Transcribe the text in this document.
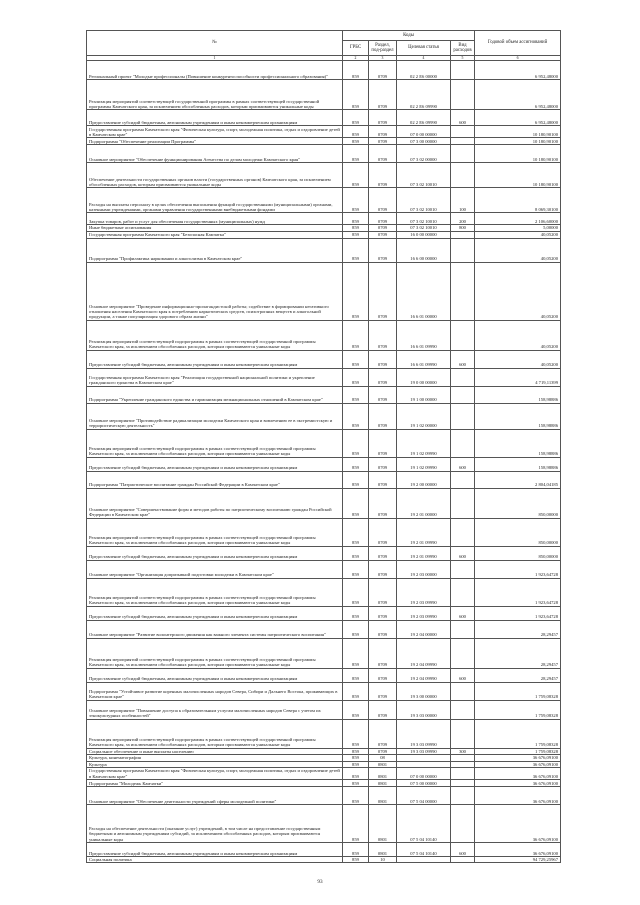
№	Коды				Годовой объем ассигнований
	ГРБС	Раздел, под-раздел	Целевая статья	Вид расходов	
1	2	3	4	5	6
Региональный проект "Молодые профессионалы (Повышение конкурентоспособности профессионального образования)"	859	0709	02 2 E6 00000		6 952,48000
Реализация мероприятий соответствующей государственной программы в рамках соответствующей государственной программы Камчатского края, за исключением обособленных расходов, которым присваиваются уникальные коды	859	0709	02 2 E6 09990		6 952,48000
Предоставление субсидий бюджетным, автономным учреждениям и иным некоммерческим организациям	859	0709	02 2 E6 09990	600	6 952,48000
Государственная программа Камчатского края "Физическая культура, спорт, молодежная политика, отдых и оздоровление детей в Камчатском крае"	859	0709	07 0 00 00000		10 180,90100
Подпрограмма "Обеспечение реализации Программы"	859	0709	07 3 00 00000		10 180,90100
Основное мероприятие "Обеспечение функционирования Агентства по делам молодежи Камчатского края"	859	0709	07 3 02 00000		10 180,90100
Обеспечение деятельности государственных органов власти (государственных органов) Камчатского края, за исключением обособленных расходов, которым присваиваются уникальные коды	859	0709	07 3 02 10010		10 180,90100
Расходы на выплаты персоналу в целях обеспечения выполнения функций государственными (муниципальными) органами, казенными учреждениями, органами управления государственными внебюджетными фондами	859	0709	07 3 02 10010	100	8 069,30100
Закупка товаров, работ и услуг для обеспечения государственных (муниципальных) нужд	859	0709	07 3 02 10010	200	2 106,60000
Иные бюджетные ассигнования	859	0709	07 3 02 10010	800	5,00000
Государственная программа Камчатского края "Безопасная Камчатка"	859	0709	16 0 00 00000		40,05200
Подпрограмма "Профилактика наркомании и алкоголизма в Камчатском крае"	859	0709	16 6 00 00000		40,05200
Основное мероприятие "Проведение информационно-пропагандистской работы; содействие в формировании негативного отношения населения Камчатского края к потреблению наркотических средств, психотропных веществ и алкогольной продукции, а также популяризация здорового образа жизни"	859	0709	16 6 01 00000		40,05200
Реализация мероприятий соответствующей подпрограммы в рамках соответствующей государственной программы Камчатского края, за исключением обособленных расходов, которым присваиваются уникальные коды	859	0709	16 6 01 09990		40,05200
Предоставление субсидий бюджетным, автономным учреждениям и иным некоммерческим организациям	859	0709	16 6 01 09990	600	40,05200
Государственная программа Камчатского края "Реализация государственной национальной политики и укрепление гражданского единства в Камчатском крае"	859	0709	19 0 00 00000		4 719,11399
Подпрограмма "Укрепление гражданского единства и гармонизация межнациональных отношений в Камчатском крае"	859	0709	19 1 00 00000		158,98886
Основное мероприятие "Противодействие радикализации молодежи Камчатского края и вовлечению ее в экстремистскую и террористическую деятельность"	859	0709	19 1 02 00000		158,98886
Реализация мероприятий соответствующей подпрограммы в рамках соответствующей государственной программы Камчатского края, за исключением обособленных расходов, которым присваиваются уникальные коды	859	0709	19 1 02 09990		158,98886
Предоставление субсидий бюджетным, автономным учреждениям и иным некоммерческим организациям	859	0709	19 1 02 09990	600	158,98886
Подпрограмма "Патриотическое воспитание граждан Российской Федерации в Камчатском крае"	859	0709	19 2 00 00000		2 804,04185
Основное мероприятие "Совершенствование форм и методов работы по патриотическому воспитанию граждан Российской Федерации в Камчатском крае"	859	0709	19 2 01 00000		850,00000
Реализация мероприятий соответствующей подпрограммы в рамках соответствующей государственной программы Камчатского края, за исключением обособленных расходов, которым присваиваются уникальные коды	859	0709	19 2 01 09990		850,00000
Предоставление субсидий бюджетным, автономным учреждениям и иным некоммерческим организациям	859	0709	19 2 01 09990	600	850,00000
Основное мероприятие "Организация допризывной подготовки молодежи в Камчатском крае"	859	0709	19 2 03 00000		1 923,64728
Реализация мероприятий соответствующей подпрограммы в рамках соответствующей государственной программы Камчатского края, за исключением обособленных расходов, которым присваиваются уникальные коды	859	0709	19 2 03 09990		1 923,64728
Предоставление субсидий бюджетным, автономным учреждениям и иным некоммерческим организациям	859	0709	19 2 03 09990	600	1 923,64728
Основное мероприятие "Развитие волонтерского движения как важного элемента системы патриотического воспитания"	859	0709	19 2 04 00000		28,29457
Реализация мероприятий соответствующей подпрограммы в рамках соответствующей государственной программы Камчатского края, за исключением обособленных расходов, которым присваиваются уникальные коды	859	0709	19 2 04 09990		28,29457
Предоставление субсидий бюджетным, автономным учреждениям и иным некоммерческим организациям	859	0709	19 2 04 09990	600	28,29457
Подпрограмма "Устойчивое развитие коренных малочисленных народов Севера, Сибири и Дальнего Востока, проживающих в Камчатском крае"	859	0709	19 3 00 00000		1 759,08328
Основное мероприятие "Повышение доступа к образовательным услугам малочисленных народов Севера с учетом их этнокультурных особенностей"	859	0709	19 3 03 00000		1 759,08328
Реализация мероприятий соответствующей подпрограммы в рамках соответствующей государственной программы Камчатского края, за исключением обособленных расходов, которым присваиваются уникальные коды	859	0709	19 3 03 09990		1 759,08328
Социальное обеспечение и иные выплаты населению	859	0709	19 3 03 09990	300	1 759,08328
Культура, кинематография	859	08			36 676,09100
Культура	859	0801			36 676,09100
Государственная программа Камчатского края "Физическая культура, спорт, молодежная политика, отдых и оздоровление детей в Камчатском крае"	859	0801	07 0 00 00000		36 676,09100
Подпрограмма "Молодежь Камчатки"	859	0801	07 5 00 00000		36 676,09100
Основное мероприятие "Обеспечение деятельности учреждений сферы молодежной политики"	859	0801	07 5 04 00000		36 676,09100
Расходы на обеспечение деятельности (оказание услуг) учреждений, в том числе на предоставление государственным бюджетным и автономным учреждениям субсидий, за исключением обособленных расходов, которым присваиваются уникальные коды	859	0801	07 5 04 10140		36 676,09100
Предоставление субсидий бюджетным, автономным учреждениям и иным некоммерческим организациям	859	0801	07 5 04 10140	600	36 676,09100
Социальная политика	859	10			94 729,25967
93
